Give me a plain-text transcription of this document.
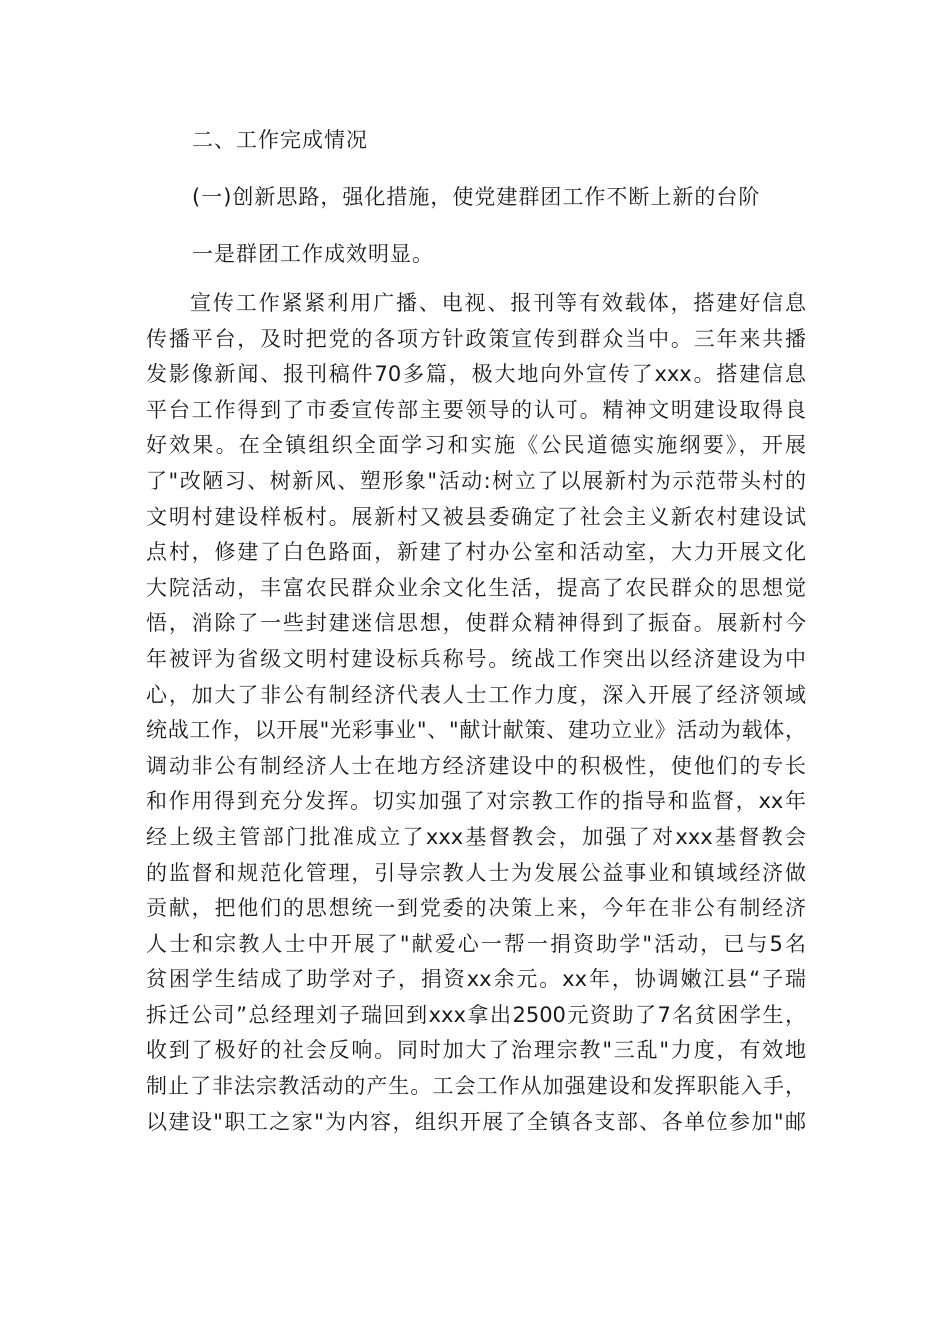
二、工作完成情况
(一)创新思路，强化措施，使党建群团工作不断上新的台阶
一是群团工作成效明显。
宣传工作紧紧利用广播、电视、报刊等有效载体，搭建好信息
传播平台，及时把党的各项方针政策宣传到群众当中。三年来共播
发影像新闻、报刊稿件70多篇，极大地向外宣传了xxx。搭建信息
平台工作得到了市委宣传部主要领导的认可。精神文明建设取得良
好效果。在全镇组织全面学习和实施《公民道德实施纲要》，开展
了"改陋习、树新风、塑形象"活动:树立了以展新村为示范带头村的
文明村建设样板村。展新村又被县委确定了社会主义新农村建设试
点村，修建了白色路面，新建了村办公室和活动室，大力开展文化
大院活动，丰富农民群众业余文化生活，提高了农民群众的思想觉
悟，消除了一些封建迷信思想，使群众精神得到了振奋。展新村今
年被评为省级文明村建设标兵称号。统战工作突出以经济建设为中
心，加大了非公有制经济代表人士工作力度，深入开展了经济领域
统战工作，以开展"光彩事业"、"献计献策、建功立业》活动为载体，
调动非公有制经济人士在地方经济建设中的积极性，使他们的专长
和作用得到充分发挥。切实加强了对宗教工作的指导和监督，xx年
经上级主管部门批准成立了xxx基督教会，加强了对xxx基督教会
的监督和规范化管理，引导宗教人士为发展公益事业和镇域经济做
贡献，把他们的思想统一到党委的决策上来，今年在非公有制经济
人士和宗教人士中开展了"献爱心一帮一捐资助学"活动，已与5名
贫困学生结成了助学对子，捐资xx余元。xx年，协调嫩江县“子瑞
拆迁公司”总经理刘子瑞回到xxx拿出2500元资助了7名贫困学生，
收到了极好的社会反响。同时加大了治理宗教"三乱"力度，有效地
制止了非法宗教活动的产生。工会工作从加强建设和发挥职能入手，
以建设"职工之家"为内容，组织开展了全镇各支部、各单位参加"邮
